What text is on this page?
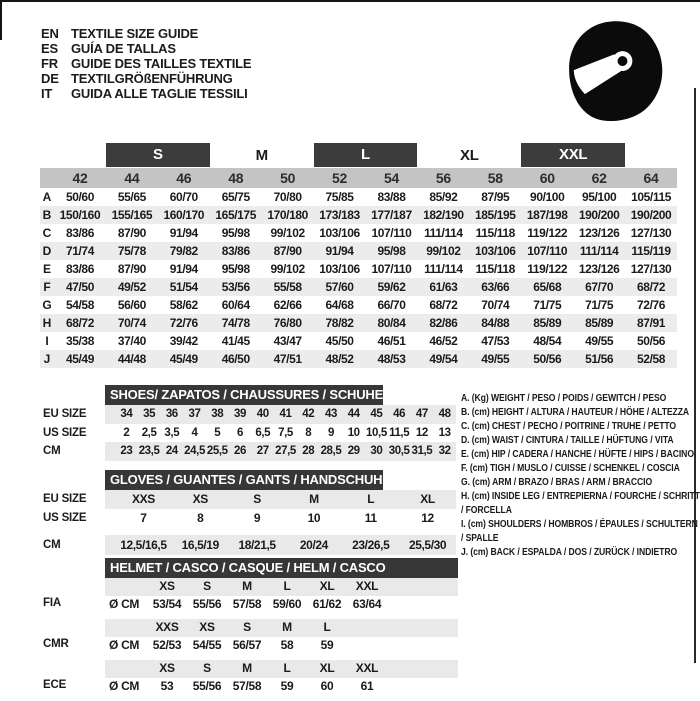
EN TEXTILE SIZE GUIDE
ES	GUÍA DE TALLAS
FR	GUIDE DES TAILLES TEXTILE
DE TEXTILGRÖßENFÜHRUNG
IT	GUIDA ALLE TAGLIE TESSILI
S	M	L	XL	XXL
42	44	46	48	50	52	54	56	58	60	62	64
A	50/60	55/65	60/70	65/75	70/80	75/85	83/88	85/92	87/95	90/100	95/100	105/115
B 150/160 155/165 160/170 165/175 170/180 173/183 177/187 182/190 185/195 187/198 190/200 190/200
C	83/86	87/90	91/94	95/98	99/102	103/106 107/110	111/114	115/118	119/122 123/126 127/130
D	71/74	75/78	79/82	83/86	87/90	91/94	95/98	99/102	103/106 107/110	111/114	115/119
E	83/86	87/90	91/94	95/98	99/102	103/106 107/110	111/114	115/118	119/122 123/126 127/130
F	47/50	49/52	51/54	53/56	55/58	57/60	59/62	61/63	63/66	65/68	67/70	68/72
G	54/58	56/60	58/62	60/64	62/66	64/68	66/70	68/72	70/74	71/75	71/75	72/76
H	68/72	70/74	72/76	74/78	76/80	78/82	80/84	82/86	84/88	85/89	85/89	87/91
I	35/38	37/40	39/42	41/45	43/47	45/50	46/51	46/52	47/53	48/54	49/55	50/56
J	45/49	44/48	45/49	46/50	47/51	48/52	48/53	49/54	49/55	50/56	51/56	52/58
SHOES/ ZAPATOS / CHAUSSURES / SCHUHE / SCARPE
EU SIZE	34 35 36 37 38 39 40 41 42 43 44 45 46 47 48
US SIZE	2	2,5 3,5	4	5	6	6,5 7,5	8	9	10 10,5 11,5 12 13
CM	23 23,5 24 24,5 25,5 26 27 27,5 28 28,5 29 30 30,5 31,5 32
GLOVES / GUANTES / GANTS / HANDSCHUHE / GUANTI
EU SIZE	XXS	XS	S	M	L	XL
US SIZE	7	8	9	10	11	12
CM	12,5/16,5	16,5/19	18/21,5	20/24	23/26,5	25,5/30
HELMET / CASCO / CASQUE / HELM / CASCO
FIA
XS	S	M	L	XL	XXL
Ø CM	53/54 55/56 57/58 59/60 61/62 63/64
CMR
XXS	XS	S	M	L
Ø CM	52/53 54/55 56/57	58	59
ECE
XS	S	M	L	XL	XXL
Ø CM	53	55/56 57/58	59	60	61
A. (Kg) WEIGHT / PESO / POIDS / GEWITCH / PESO
B. (cm) HEIGHT / ALTURA / HAUTEUR / HÖHE / ALTEZZA
C. (cm) CHEST / PECHO / POITRINE / TRUHE / PETTO
D. (cm) WAIST / CINTURA / TAILLE / HÜFTUNG / VITA
E. (cm) HIP / CADERA / HANCHE / HÜFTE / HIPS / BACINO
F. (cm) TIGH / MUSLO / CUISSE / SCHENKEL / COSCIA
G. (cm) ARM / BRAZO / BRAS / ARM / BRACCIO
H. (cm) INSIDE LEG / ENTREPIERNA / FOURCHE / SCHRITT / FORCELLA
I. (cm) SHOULDERS / HOMBROS / ÉPAULES / SCHULTERN / SPALLE
J. (cm) BACK / ESPALDA / DOS / ZURÜCK / INDIETRO
